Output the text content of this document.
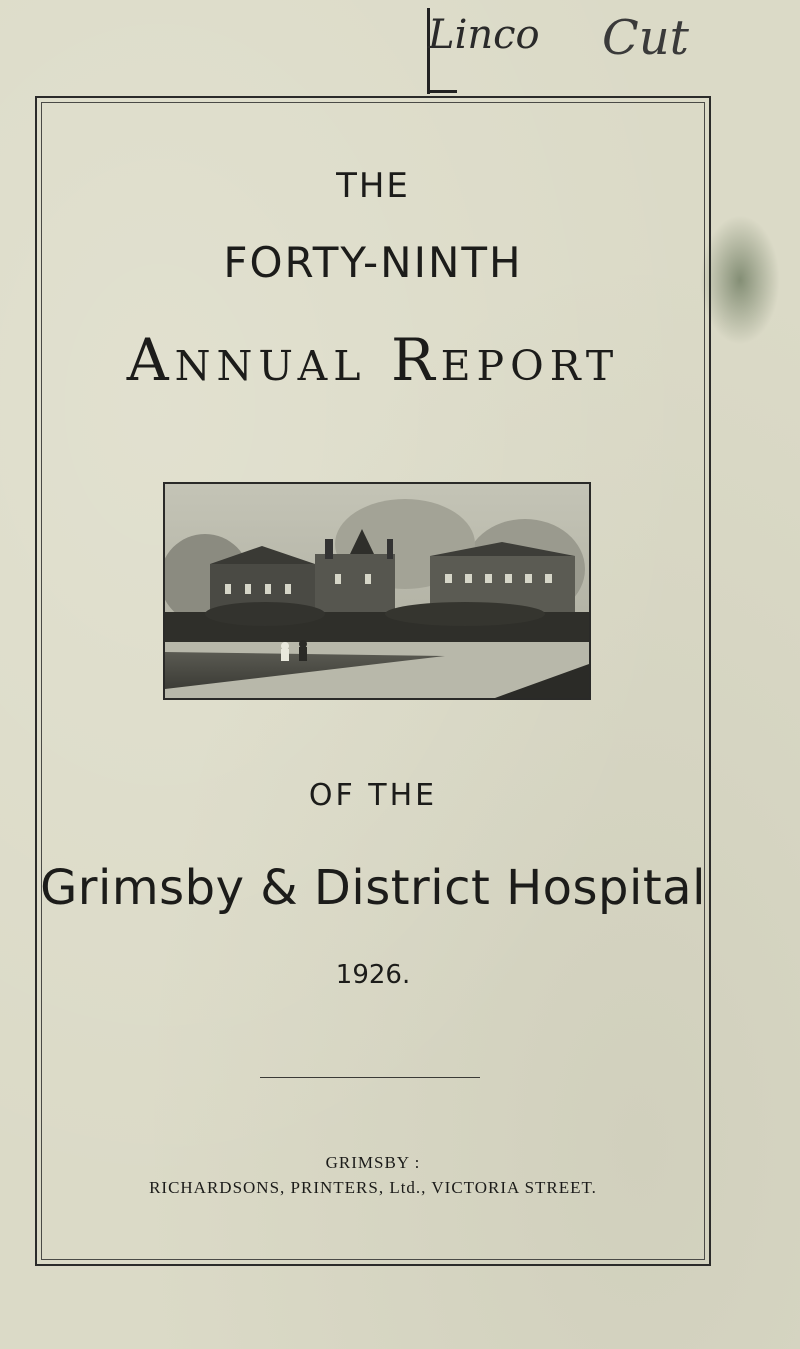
Linco Cut
THE
FORTY-NINTH
Annual Report
OF THE
Grimsby & District Hospital
1926.
GRIMSBY :
RICHARDSONS, PRINTERS, Ltd., VICTORIA STREET.
